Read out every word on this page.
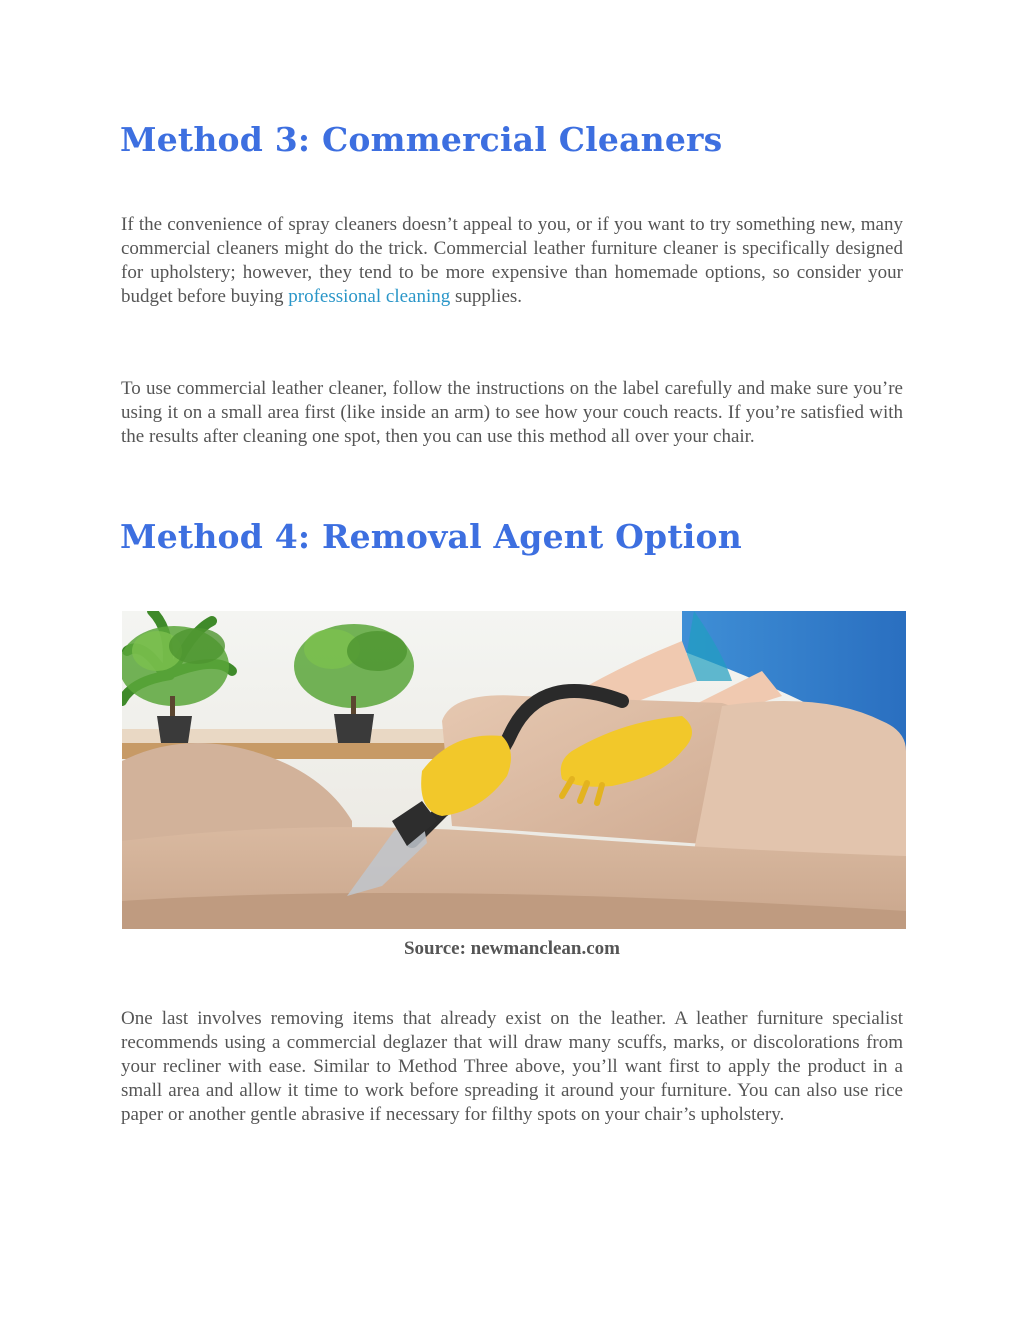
Method 3: Commercial Cleaners

If the convenience of spray cleaners doesn’t appeal to you, or if you want to try something new, many commercial cleaners might do the trick. Commercial leather furniture cleaner is specifically designed for upholstery; however, they tend to be more expensive than homemade options, so consider your budget before buying professional cleaning supplies.

To use commercial leather cleaner, follow the instructions on the label carefully and make sure you’re using it on a small area first (like inside an arm) to see how your couch reacts. If you’re satisfied with the results after cleaning one spot, then you can use this method all over your chair.

Method 4: Removal Agent Option

Source: newmanclean.com

One last involves removing items that already exist on the leather. A leather furniture specialist recommends using a commercial deglazer that will draw many scuffs, marks, or discolorations from your recliner with ease. Similar to Method Three above, you’ll want first to apply the product in a small area and allow it time to work before spreading it around your furniture. You can also use rice paper or another gentle abrasive if necessary for filthy spots on your chair’s upholstery.
